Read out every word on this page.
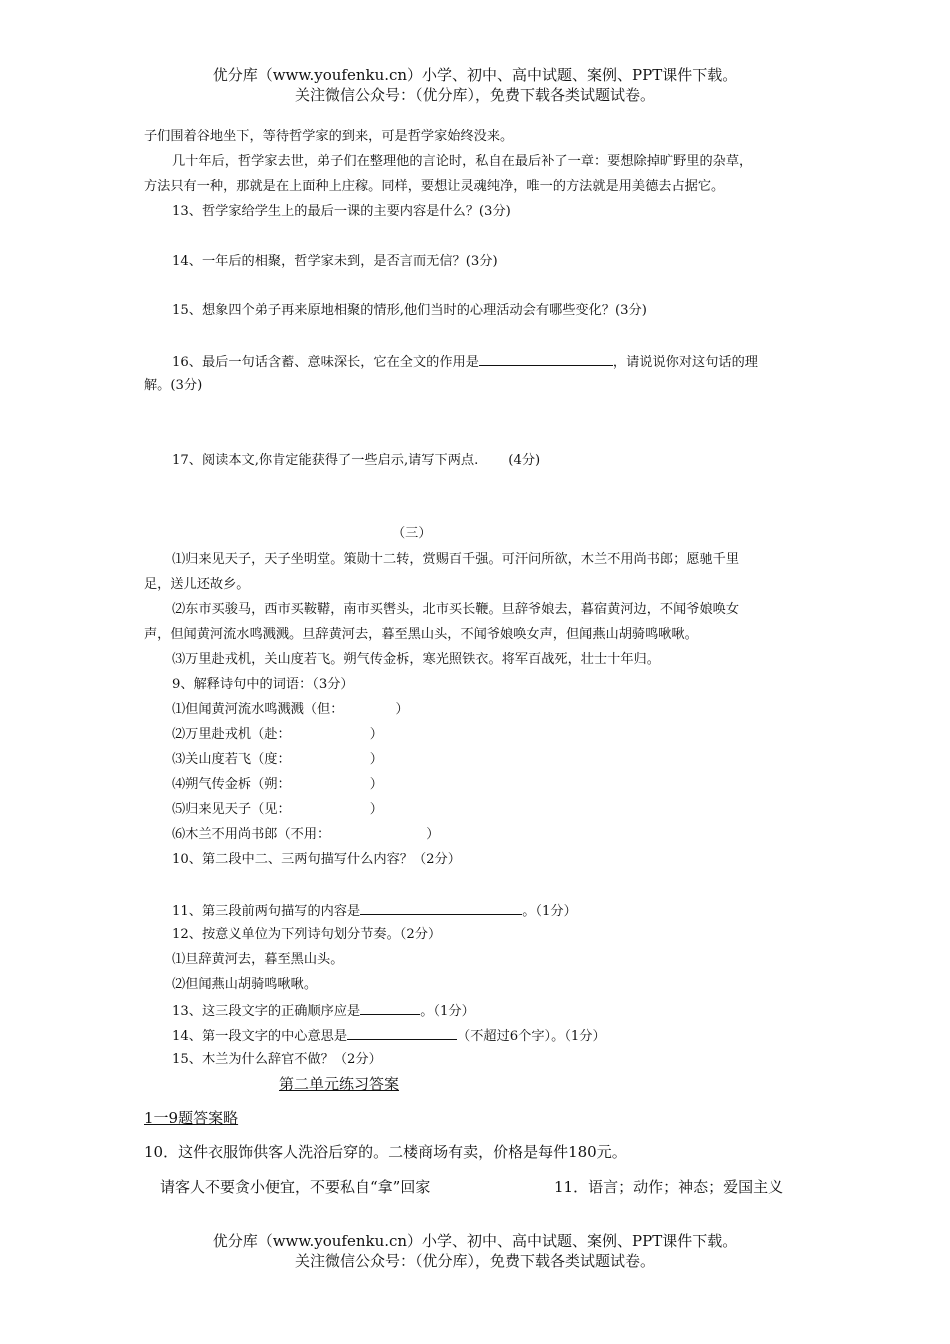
优分库（www.youfenku.cn）小学、初中、高中试题、案例、PPT课件下载。
关注微信公众号：（优分库），免费下载各类试题试卷。
子们围着谷地坐下，等待哲学家的到来，可是哲学家始终没来。
几十年后，哲学家去世，弟子们在整理他的言论时，私自在最后补了一章：要想除掉旷野里的杂草，
方法只有一种，那就是在上面种上庄稼。同样，要想让灵魂纯净，唯一的方法就是用美德去占据它。
13、哲学家给学生上的最后一课的主要内容是什么？(3分)
14、一年后的相聚，哲学家未到，是否言而无信？(3分)
15、想象四个弟子再来原地相聚的情形,他们当时的心理活动会有哪些变化？(3分)
16、最后一句话含蓄、意味深长，它在全文的作用是	，请说说你对这句话的理
解。(3分)
17、阅读本文,你肯定能获得了一些启示,请写下两点. (4分)
（三）
⑴归来见天子，天子坐明堂。策勋十二转，赏赐百千强。可汗问所欲，木兰不用尚书郎；愿驰千里
足，送儿还故乡。
⑵东市买骏马，西市买鞍鞯，南市买辔头，北市买长鞭。旦辞爷娘去，暮宿黄河边，不闻爷娘唤女
声，但闻黄河流水鸣溅溅。旦辞黄河去，暮至黑山头，不闻爷娘唤女声，但闻燕山胡骑鸣啾啾。
⑶万里赴戎机，关山度若飞。朔气传金柝，寒光照铁衣。将军百战死，壮士十年归。
9、解释诗句中的词语：（3分）
⑴但闻黄河流水鸣溅溅（但：	）
⑵万里赴戎机（赴：	）
⑶关山度若飞（度：	）
⑷朔气传金柝（朔：	）
⑸归来见天子（见：	）
⑹木兰不用尚书郎（不用：	）
10、第二段中二、三两句描写什么内容？（2分）
11、第三段前两句描写的内容是	。（1分）
12、按意义单位为下列诗句划分节奏。（2分）
⑴旦辞黄河去，暮至黑山头。
⑵但闻燕山胡骑鸣啾啾。
13、这三段文字的正确顺序应是	。（1分）
14、第一段文字的中心意思是	（不超过6个字）。（1分）
15、木兰为什么辞官不做？（2分）
第二单元练习答案
1一9题答案略
10．这件衣服饰供客人洗浴后穿的。二楼商场有卖，价格是每件180元。
请客人不要贪小便宜，不要私自“拿”回家	11．语言；动作；神态；爱国主义
优分库（www.youfenku.cn）小学、初中、高中试题、案例、PPT课件下载。
关注微信公众号：（优分库），免费下载各类试题试卷。
